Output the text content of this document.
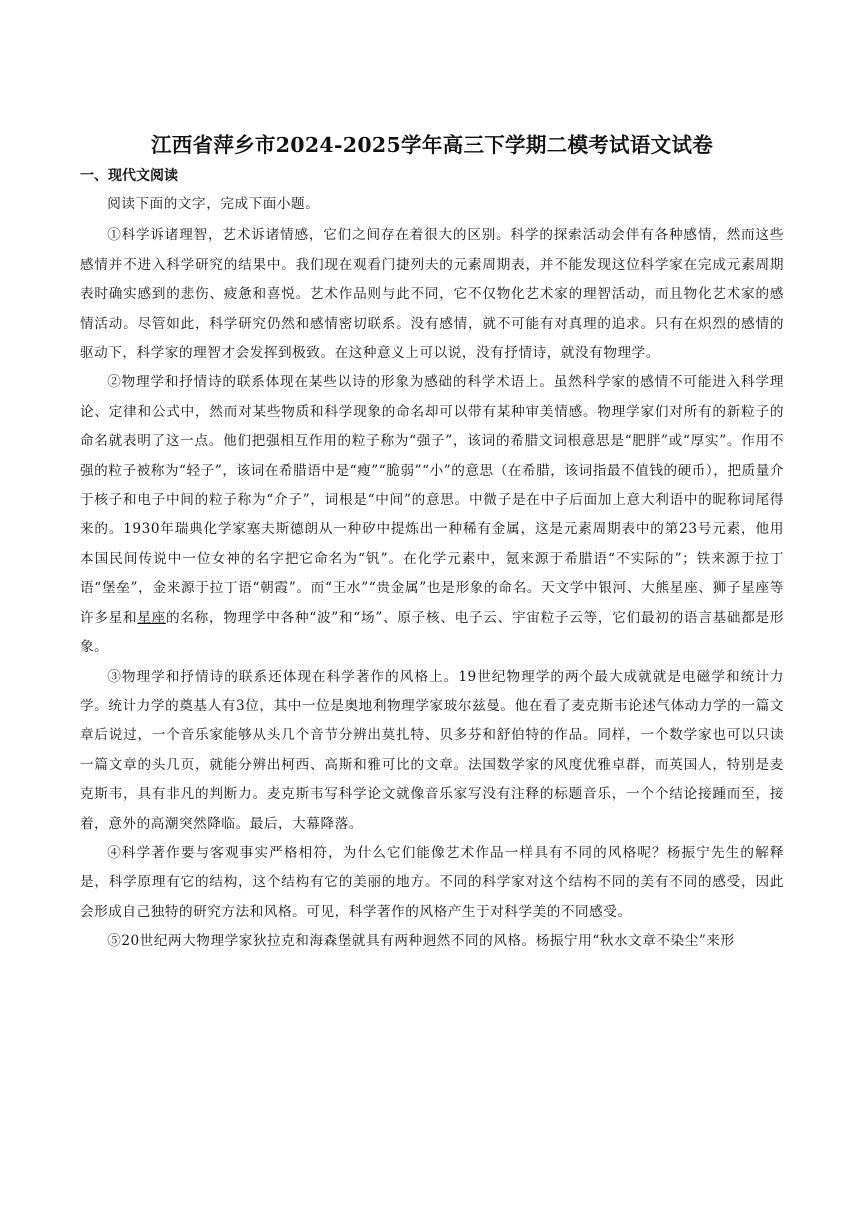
江西省萍乡市2024-2025学年高三下学期二模考试语文试卷
一、现代文阅读

阅读下面的文字，完成下面小题。

①科学诉诸理智，艺术诉诸情感，它们之间存在着很大的区别。科学的探索活动会伴有各种感情，然而这些感情并不进入科学研究的结果中。我们现在观看门捷列夫的元素周期表，并不能发现这位科学家在完成元素周期表时确实感到的悲伤、疲惫和喜悦。艺术作品则与此不同，它不仅物化艺术家的理智活动，而且物化艺术家的感情活动。尽管如此，科学研究仍然和感情密切联系。没有感情，就不可能有对真理的追求。只有在炽烈的感情的驱动下，科学家的理智才会发挥到极致。在这种意义上可以说，没有抒情诗，就没有物理学。

②物理学和抒情诗的联系体现在某些以诗的形象为感础的科学术语上。虽然科学家的感情不可能进入科学理论、定律和公式中，然而对某些物质和科学现象的命名却可以带有某种审美情感。物理学家们对所有的新粒子的命名就表明了这一点。他们把强相互作用的粒子称为“强子”，该词的希腊文词根意思是“肥胖”或“厚实”。作用不强的粒子被称为“轻子”，该词在希腊语中是“瘦”“脆弱”“小”的意思（在希腊，该词指最不值钱的硬币），把质量介于核子和电子中间的粒子称为“介子”，词根是“中间”的意思。中微子是在中子后面加上意大利语中的昵称词尾得来的。1930年瑞典化学家塞夫斯德朗从一种矽中提炼出一种稀有金属，这是元素周期表中的第23号元素，他用本国民间传说中一位女神的名字把它命名为“钒”。在化学元素中，氪来源于希腊语“不实际的”；铁来源于拉丁语“堡垒”，金来源于拉丁语“朝霞”。而“王水”“贵金属”也是形象的命名。天文学中银河、大熊星座、狮子星座等许多星和星座的名称，物理学中各种“波”和“场”、原子核、电子云、宇宙粒子云等，它们最初的语言基础都是形象。

③物理学和抒情诗的联系还体现在科学著作的风格上。19世纪物理学的两个最大成就就是电磁学和统计力学。统计力学的奠基人有3位，其中一位是奥地利物理学家玻尔兹曼。他在看了麦克斯韦论述气体动力学的一篇文章后说过，一个音乐家能够从头几个音节分辨出莫扎特、贝多芬和舒伯特的作品。同样，一个数学家也可以只读一篇文章的头几页，就能分辨出柯西、高斯和雅可比的文章。法国数学家的风度优雅卓群，而英国人，特别是麦克斯韦，具有非凡的判断力。麦克斯韦写科学论文就像音乐家写没有注释的标题音乐，一个个结论接踵而至，接着，意外的高潮突然降临。最后，大幕降落。

④科学著作要与客观事实严格相符，为什么它们能像艺术作品一样具有不同的风格呢？杨振宁先生的解释是，科学原理有它的结构，这个结构有它的美丽的地方。不同的科学家对这个结构不同的美有不同的感受，因此会形成自己独特的研究方法和风格。可见，科学著作的风格产生于对科学美的不同感受。

⑤20世纪两大物理学家狄拉克和海森堡就具有两种迥然不同的风格。杨振宁用“秋水文章不染尘”来形
